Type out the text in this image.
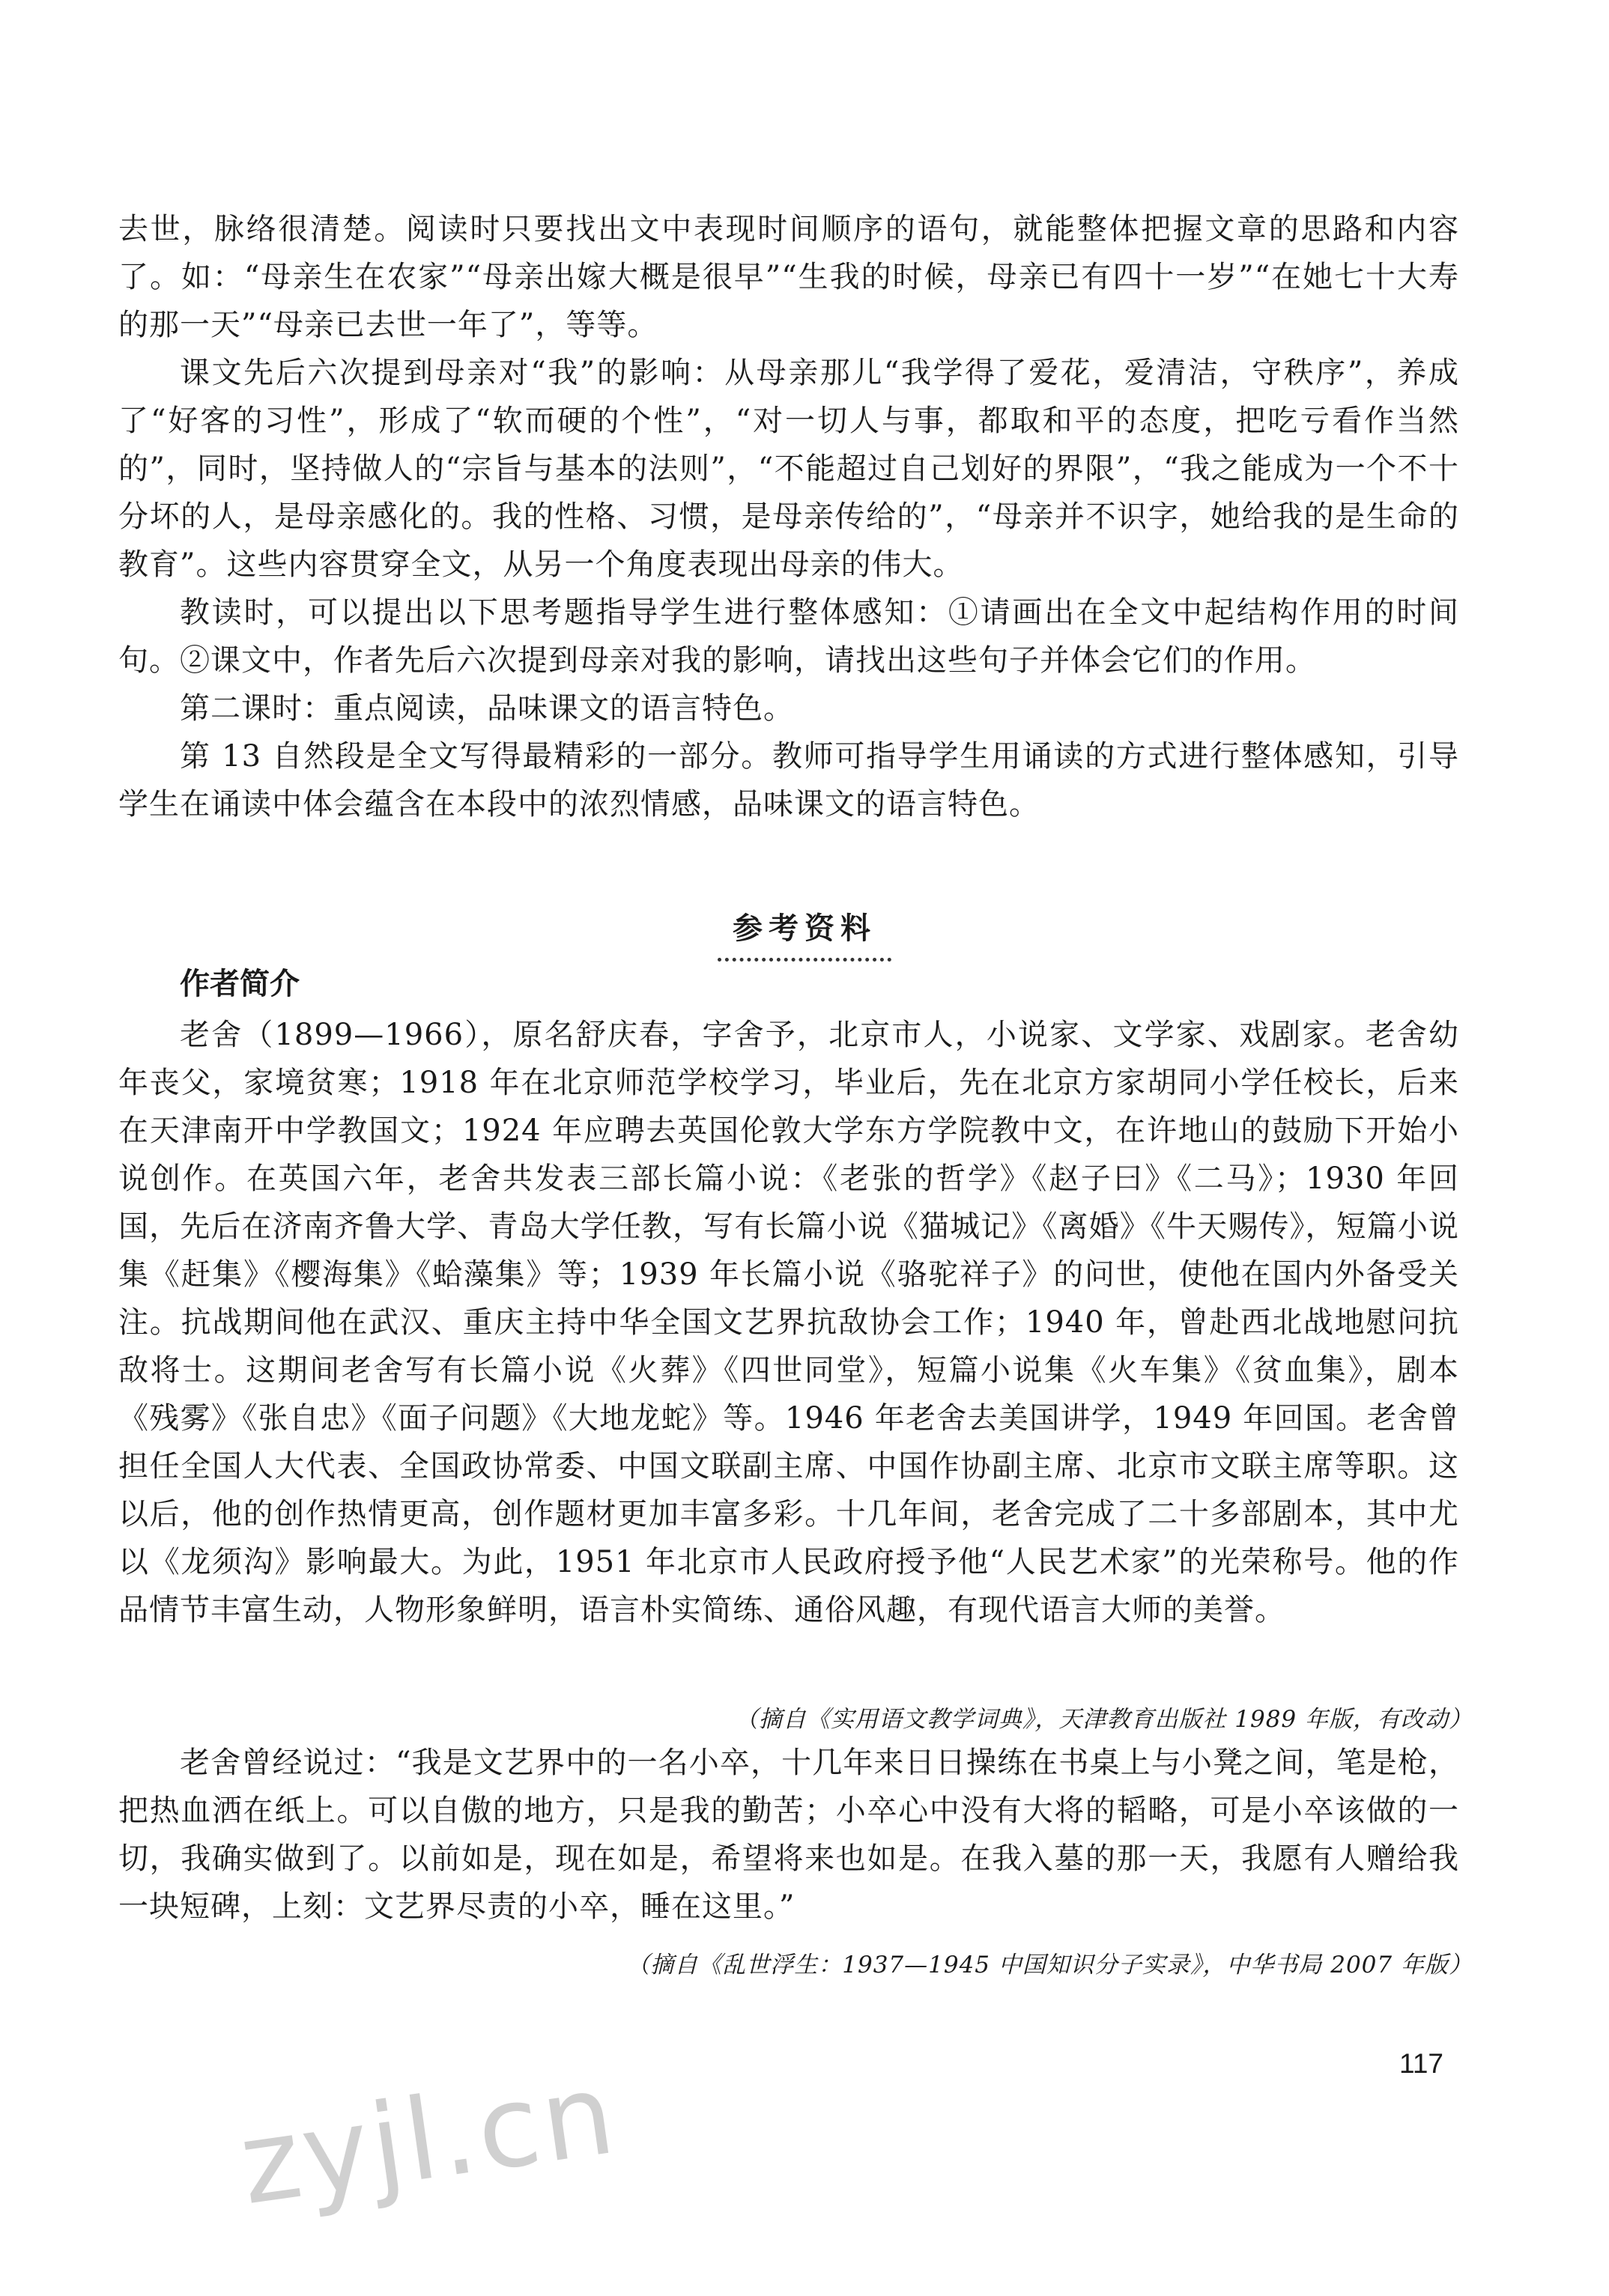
去世，脉络很清楚。阅读时只要找出文中表现时间顺序的语句，就能整体把握文章的思路和内容了。如：“母亲生在农家”“母亲出嫁大概是很早”“生我的时候，母亲已有四十一岁”“在她七十大寿的那一天”“母亲已去世一年了”，等等。

课文先后六次提到母亲对“我”的影响：从母亲那儿“我学得了爱花，爱清洁，守秩序”，养成了“好客的习性”，形成了“软而硬的个性”，“对一切人与事，都取和平的态度，把吃亏看作当然的”，同时，坚持做人的“宗旨与基本的法则”，“不能超过自己划好的界限”，“我之能成为一个不十分坏的人，是母亲感化的。我的性格、习惯，是母亲传给的”，“母亲并不识字，她给我的是生命的教育”。这些内容贯穿全文，从另一个角度表现出母亲的伟大。

教读时，可以提出以下思考题指导学生进行整体感知：①请画出在全文中起结构作用的时间句。②课文中，作者先后六次提到母亲对我的影响，请找出这些句子并体会它们的作用。

第二课时：重点阅读，品味课文的语言特色。

第 13 自然段是全文写得最精彩的一部分。教师可指导学生用诵读的方式进行整体感知，引导学生在诵读中体会蕴含在本段中的浓烈情感，品味课文的语言特色。

参考资料
作者简介

老舍（1899—1966），原名舒庆春，字舍予，北京市人，小说家、文学家、戏剧家。老舍幼年丧父，家境贫寒；1918 年在北京师范学校学习，毕业后，先在北京方家胡同小学任校长，后来在天津南开中学教国文；1924 年应聘去英国伦敦大学东方学院教中文，在许地山的鼓励下开始小说创作。在英国六年，老舍共发表三部长篇小说：《老张的哲学》《赵子曰》《二马》；1930 年回国，先后在济南齐鲁大学、青岛大学任教，写有长篇小说《猫城记》《离婚》《牛天赐传》，短篇小说集《赶集》《樱海集》《蛤藻集》等；1939 年长篇小说《骆驼祥子》的问世，使他在国内外备受关注。抗战期间他在武汉、重庆主持中华全国文艺界抗敌协会工作；1940 年，曾赴西北战地慰问抗敌将士。这期间老舍写有长篇小说《火葬》《四世同堂》，短篇小说集《火车集》《贫血集》，剧本《残雾》《张自忠》《面子问题》《大地龙蛇》等。1946 年老舍去美国讲学，1949 年回国。老舍曾担任全国人大代表、全国政协常委、中国文联副主席、中国作协副主席、北京市文联主席等职。这以后，他的创作热情更高，创作题材更加丰富多彩。十几年间，老舍完成了二十多部剧本，其中尤以《龙须沟》影响最大。为此，1951 年北京市人民政府授予他“人民艺术家”的光荣称号。他的作品情节丰富生动，人物形象鲜明，语言朴实简练、通俗风趣，有现代语言大师的美誉。

（摘自《实用语文教学词典》，天津教育出版社 1989 年版，有改动）

老舍曾经说过：“我是文艺界中的一名小卒，十几年来日日操练在书桌上与小凳之间，笔是枪，把热血洒在纸上。可以自傲的地方，只是我的勤苦；小卒心中没有大将的韬略，可是小卒该做的一切，我确实做到了。以前如是，现在如是，希望将来也如是。在我入墓的那一天，我愿有人赠给我一块短碑，上刻：文艺界尽责的小卒，睡在这里。”

（摘自《乱世浮生：1937—1945 中国知识分子实录》，中华书局 2007 年版）
117
zyjl.cn
